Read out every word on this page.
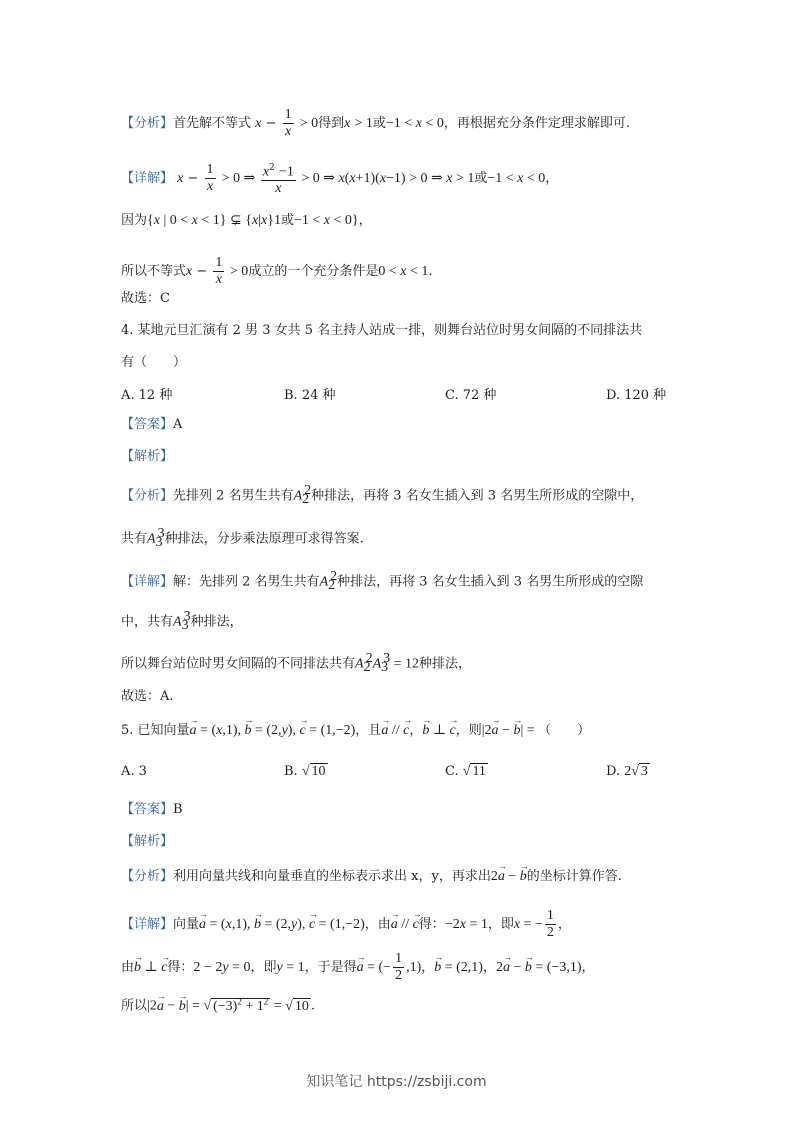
【分析】首先解不等式 $x - \frac{1}{x} > 0$得到x > 1或−1 < x < 0，再根据充分条件定理求解即可.
【详解】 $x - \frac{1}{x} > 0$ ⇒ $\frac{x^2 -1}{x} > 0$ ⇒ x(x+1)(x−1) > 0 ⇒ x > 1或−1 < x < 0，
因为{x | 0 < x < 1} ⊊ {x|x}1或−1 < x < 0}，
所以不等式$x - \frac{1}{x} > 0$成立的一个充分条件是0 < x < 1.
故选：C
4. 某地元旦汇演有 2 男 3 女共 5 名主持人站成一排，则舞台站位时男女间隔的不同排法共
有（　　）
A. 12 种	B. 24 种	C. 72 种	D. 120 种
【答案】A
【解析】
【分析】先排列 2 名男生共有$A_2^2$种排法，再将 3 名女生插入到 3 名男生所形成的空隙中，
共有$A_3^3$种排法，分步乘法原理可求得答案.
【详解】解：先排列 2 名男生共有$A_2^2$种排法，再将 3 名女生插入到 3 名男生所形成的空隙
中，共有$A_3^3$种排法，
所以舞台站位时男女间隔的不同排法共有$A_2^2A_3^3 = 12$种排法，
故选：A.
5. 已知向量→ a = (x,1), → b = (2,y), → c = (1,−2)，且→ a // → c，→ b ⊥ → c，则|2→ a − → b| = （　　）
A. 3	B. √ 10	C. √ 11	D. 2√ 3
【答案】B
【解析】
【分析】利用向量共线和向量垂直的坐标表示求出 x，y，再求出2→ a − → b的坐标计算作答.
【详解】向量→ a = (x,1), → b = (2,y), → c = (1,−2)，由→ a // → c得：−2x = 1，即x = − $\frac{1}{2}$ ，
由→ b ⊥ → c得：2 − 2y = 0，即y = 1，于是得→ a = (− $\frac{1}{2} ,1$)，→ b = (2,1)，2→ a − → b = (−3,1)，
所以|2→ a − → b| = √ $(-3)^2 + 1^2$ = √ 10 .
知识笔记 https://zsbiji.com
